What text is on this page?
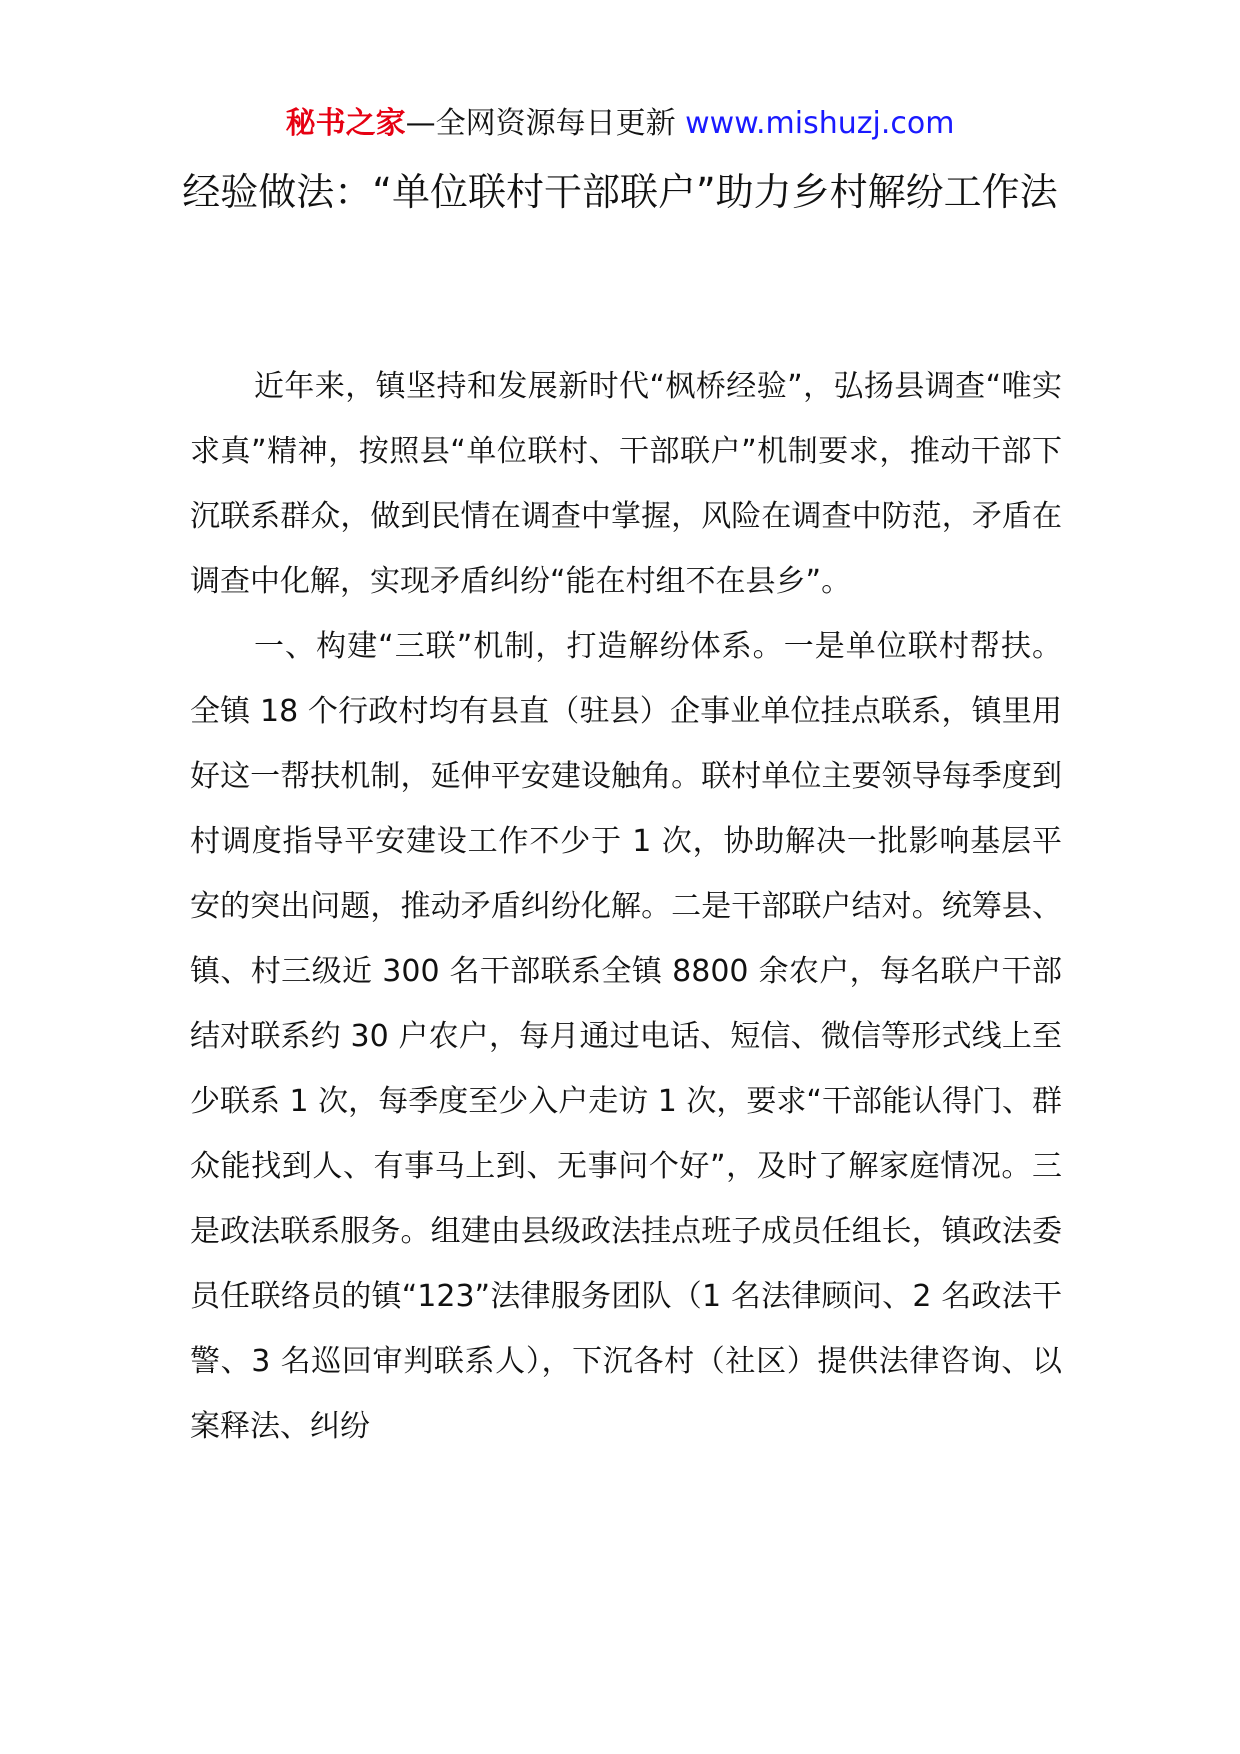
秘书之家—全网资源每日更新 www.mishuzj.com
经验做法：“单位联村干部联户”助力乡村解纷工作法

近年来，镇坚持和发展新时代“枫桥经验”，弘扬县调查“唯实求真”精神，按照县“单位联村、干部联户”机制要求，推动干部下沉联系群众，做到民情在调查中掌握，风险在调查中防范，矛盾在调查中化解，实现矛盾纠纷“能在村组不在县乡”。

一、构建“三联”机制，打造解纷体系。一是单位联村帮扶。全镇 18 个行政村均有县直（驻县）企事业单位挂点联系，镇里用好这一帮扶机制，延伸平安建设触角。联村单位主要领导每季度到村调度指导平安建设工作不少于 1 次，协助解决一批影响基层平安的突出问题，推动矛盾纠纷化解。二是干部联户结对。统筹县、镇、村三级近 300 名干部联系全镇 8800 余农户，每名联户干部结对联系约 30 户农户，每月通过电话、短信、微信等形式线上至少联系 1 次，每季度至少入户走访 1 次，要求“干部能认得门、群众能找到人、有事马上到、无事问个好”，及时了解家庭情况。三是政法联系服务。组建由县级政法挂点班子成员任组长，镇政法委员任联络员的镇“123”法律服务团队（1 名法律顾问、2 名政法干警、3 名巡回审判联系人），下沉各村（社区）提供法律咨询、以案释法、纠纷
